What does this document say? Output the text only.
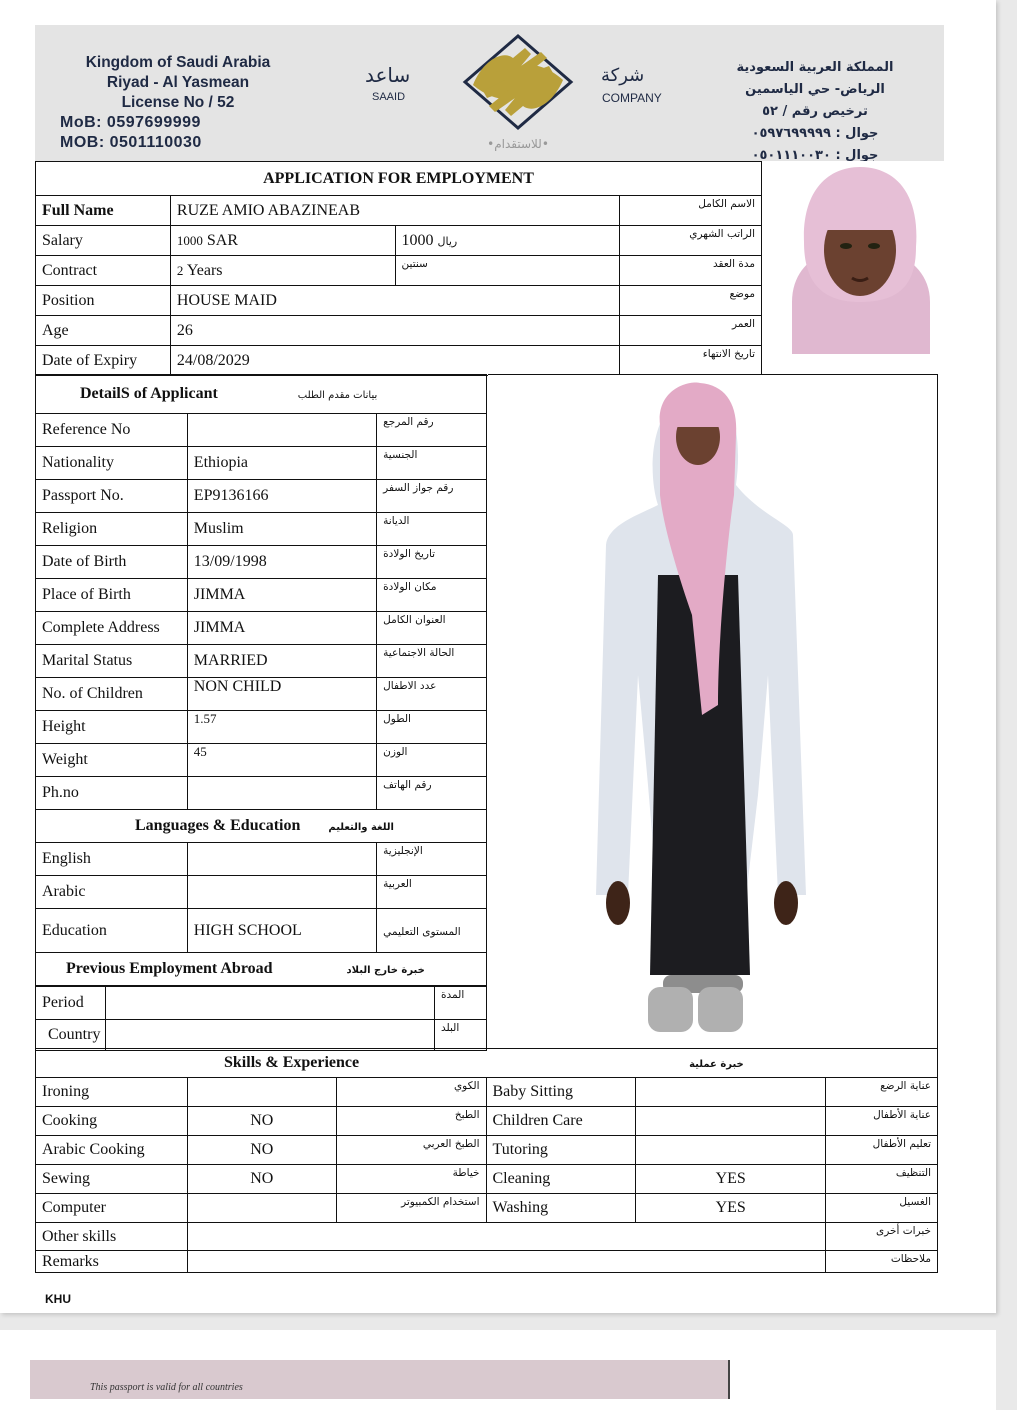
This passport is valid for all countries
Kingdom of Saudi Arabia
Riyad - Al Yasmean
License No / 52
MoB: 0597699999
MOB: 0501110030
ساعد
SAAID
•للاستقدام•
شركة
COMPANY
المملكة العربية السعودية
الرياض- حي الياسمين
ترخيص رقم / ٥٢
جوال : ٠٥٩٧٦٩٩٩٩٩
جوال : ٠٥٠١١١٠٠٣٠
APPLICATION FOR EMPLOYMENT			
Full Name	RUZE AMIO ABAZINEAB		الاسم الكامل
Salary	1000 SAR	1000 ريال	الراتب الشهري
Contract	2 Years	سنتين	مدة العقد
Position	HOUSE MAID		موضع
Age	26		العمر
Date of Expiry	24/08/2029		تاريخ الانتهاء
DetailS of Applicant بيانات مقدم الطلب		
Reference No		رقم المرجع
Nationality	Ethiopia	الجنسية
Passport No.	EP9136166	رقم جواز السفر
Religion	Muslim	الديانة
Date of Birth	13/09/1998	تاريخ الولادة
Place of Birth	JIMMA	مكان الولادة
Complete Address	JIMMA	العنوان الكامل
Marital Status	MARRIED	الحالة الاجتماعية
No. of Children	NON CHILD	عدد الاطفال
Height	1.57	الطول
Weight	45	الوزن
Ph.no		رقم الهاتف
Languages & Education اللغة والتعليم		
English		الإنجليزية
Arabic		العربية
Education	HIGH SCHOOL	المستوى التعليمي
Previous Employment Abroad خبرة خارج البلاد		
Period		المدة
Country		البلد
Skills & Experience خبرة عملية					
Ironing		الكوي	Baby Sitting		عناية الرضع
Cooking	NO	الطبخ	Children Care		عناية الأطفال
Arabic Cooking	NO	الطبخ العربي	Tutoring		تعليم الأطفال
Sewing	NO	خياطة	Cleaning	YES	التنظيف
Computer		استخدام الكمبيوتر	Washing	YES	الغسيل
Other skills					خبرات أخرى
Remarks					ملاحظات
KHU
